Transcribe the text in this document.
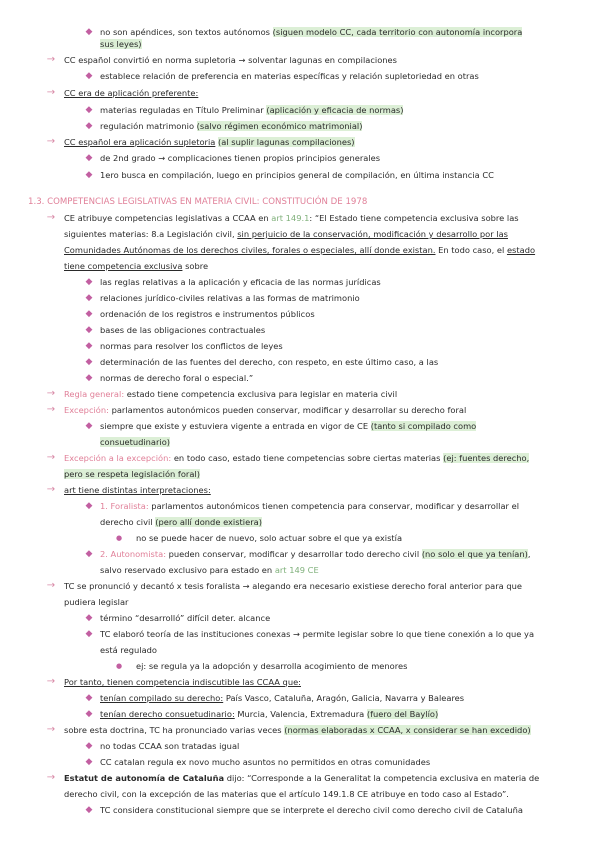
◆ no son apéndices, son textos autónomos (siguen modelo CC, cada territorio con autonomía incorpora
sus leyes)
→ CC español convirtió en norma supletoria → solventar lagunas en compilaciones
◆ establece relación de preferencia en materias específicas y relación supletoriedad en otras
→ CC era de aplicación preferente:
◆ materias reguladas en Título Preliminar (aplicación y eficacia de normas)
◆ regulación matrimonio (salvo régimen económico matrimonial)
→ CC español era aplicación supletoria (al suplir lagunas compilaciones)
◆ de 2nd grado → complicaciones tienen propios principios generales
◆ 1ero busca en compilación, luego en principios general de compilación, en última instancia CC
1.3. COMPETENCIAS LEGISLATIVAS EN MATERIA CIVIL: CONSTITUCIÓN DE 1978
→ CE atribuye competencias legislativas a CCAA en art 149.1: “El Estado tiene competencia exclusiva sobre las
siguientes materias: 8.a Legislación civil, sin perjuicio de la conservación, modificación y desarrollo por las
Comunidades Autónomas de los derechos civiles, forales o especiales, allí donde existan. En todo caso, el estado
tiene competencia exclusiva sobre
◆ las reglas relativas a la aplicación y eficacia de las normas jurídicas
◆ relaciones jurídico-civiles relativas a las formas de matrimonio
◆ ordenación de los registros e instrumentos públicos
◆ bases de las obligaciones contractuales
◆ normas para resolver los conflictos de leyes
◆ determinación de las fuentes del derecho, con respeto, en este último caso, a las
◆ normas de derecho foral o especial.”
→ Regla general: estado tiene competencia exclusiva para legislar en materia civil
→ Excepción: parlamentos autonómicos pueden conservar, modificar y desarrollar su derecho foral
◆ siempre que existe y estuviera vigente a entrada en vigor de CE (tanto si compilado como
consuetudinario)
→ Excepción a la excepción: en todo caso, estado tiene competencias sobre ciertas materias (ej: fuentes derecho,
pero se respeta legislación foral)
→ art tiene distintas interpretaciones:
◆ 1. Foralista: parlamentos autonómicos tienen competencia para conservar, modificar y desarrollar el
derecho civil (pero allí donde existiera)
● no se puede hacer de nuevo, solo actuar sobre el que ya existía
◆ 2. Autonomista: pueden conservar, modificar y desarrollar todo derecho civil (no solo el que ya tenían),
salvo reservado exclusivo para estado en art 149 CE
→ TC se pronunció y decantó x tesis foralista → alegando era necesario existiese derecho foral anterior para que
pudiera legislar
◆ término “desarrolló” difícil deter. alcance
◆ TC elaboró teoría de las instituciones conexas → permite legislar sobre lo que tiene conexión a lo que ya
está regulado
● ej: se regula ya la adopción y desarrolla acogimiento de menores
→ Por tanto, tienen competencia indiscutible las CCAA que:
◆ tenían compilado su derecho: País Vasco, Cataluña, Aragón, Galicia, Navarra y Baleares
◆ tenían derecho consuetudinario: Murcia, Valencia, Extremadura (fuero del Baylío)
→ sobre esta doctrina, TC ha pronunciado varias veces (normas elaboradas x CCAA, x considerar se han excedido)
◆ no todas CCAA son tratadas igual
◆ CC catalan regula ex novo mucho asuntos no permitidos en otras comunidades
→ Estatut de autonomía de Cataluña dijo: “Corresponde a la Generalitat la competencia exclusiva en materia de
derecho civil, con la excepción de las materias que el artículo 149.1.8 CE atribuye en todo caso al Estado”.
◆ TC considera constitucional siempre que se interprete el derecho civil como derecho civil de Cataluña
